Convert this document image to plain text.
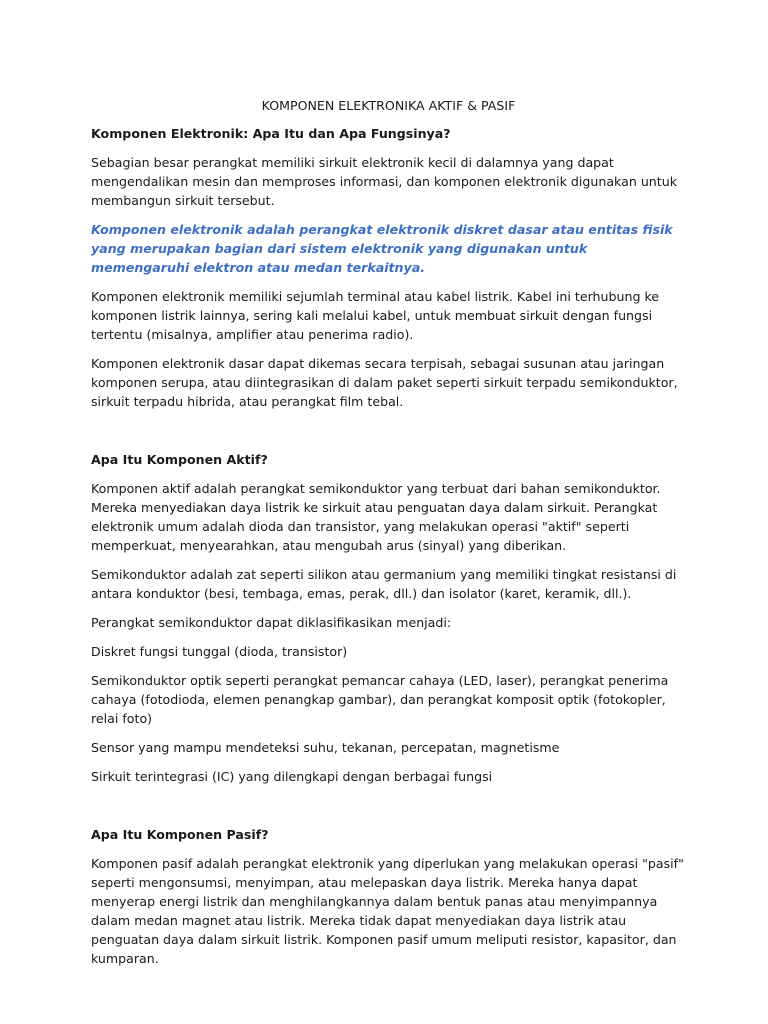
KOMPONEN ELEKTRONIKA AKTIF & PASIF
Komponen Elektronik: Apa Itu dan Apa Fungsinya?

Sebagian besar perangkat memiliki sirkuit elektronik kecil di dalamnya yang dapat mengendalikan mesin dan memproses informasi, dan komponen elektronik digunakan untuk membangun sirkuit tersebut.

Komponen elektronik adalah perangkat elektronik diskret dasar atau entitas fisik yang merupakan bagian dari sistem elektronik yang digunakan untuk memengaruhi elektron atau medan terkaitnya.

Komponen elektronik memiliki sejumlah terminal atau kabel listrik. Kabel ini terhubung ke komponen listrik lainnya, sering kali melalui kabel, untuk membuat sirkuit dengan fungsi tertentu (misalnya, amplifier atau penerima radio).

Komponen elektronik dasar dapat dikemas secara terpisah, sebagai susunan atau jaringan komponen serupa, atau diintegrasikan di dalam paket seperti sirkuit terpadu semikonduktor, sirkuit terpadu hibrida, atau perangkat film tebal.

Apa Itu Komponen Aktif?

Komponen aktif adalah perangkat semikonduktor yang terbuat dari bahan semikonduktor. Mereka menyediakan daya listrik ke sirkuit atau penguatan daya dalam sirkuit. Perangkat elektronik umum adalah dioda dan transistor, yang melakukan operasi "aktif" seperti memperkuat, menyearahkan, atau mengubah arus (sinyal) yang diberikan.

Semikonduktor adalah zat seperti silikon atau germanium yang memiliki tingkat resistansi di antara konduktor (besi, tembaga, emas, perak, dll.) dan isolator (karet, keramik, dll.).

Perangkat semikonduktor dapat diklasifikasikan menjadi:

Diskret fungsi tunggal (dioda, transistor)

Semikonduktor optik seperti perangkat pemancar cahaya (LED, laser), perangkat penerima cahaya (fotodioda, elemen penangkap gambar), dan perangkat komposit optik (fotokopler, relai foto)

Sensor yang mampu mendeteksi suhu, tekanan, percepatan, magnetisme

Sirkuit terintegrasi (IC) yang dilengkapi dengan berbagai fungsi

Apa Itu Komponen Pasif?

Komponen pasif adalah perangkat elektronik yang diperlukan yang melakukan operasi "pasif" seperti mengonsumsi, menyimpan, atau melepaskan daya listrik. Mereka hanya dapat menyerap energi listrik dan menghilangkannya dalam bentuk panas atau menyimpannya dalam medan magnet atau listrik. Mereka tidak dapat menyediakan daya listrik atau penguatan daya dalam sirkuit listrik. Komponen pasif umum meliputi resistor, kapasitor, dan kumparan.
